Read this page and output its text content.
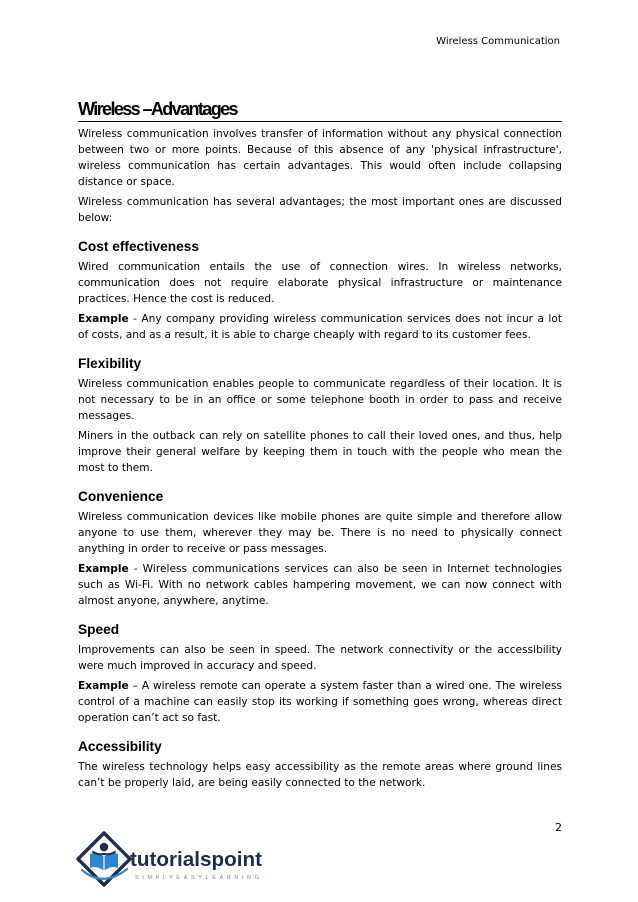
Wireless Communication
Wireless –Advantages

Wireless communication involves transfer of information without any physical connection between two or more points. Because of this absence of any 'physical infrastructure', wireless communication has certain advantages. This would often include collapsing distance or space.

Wireless communication has several advantages; the most important ones are discussed below:

Cost effectiveness

Wired communication entails the use of connection wires. In wireless networks, communication does not require elaborate physical infrastructure or maintenance practices. Hence the cost is reduced.

Example - Any company providing wireless communication services does not incur a lot of costs, and as a result, it is able to charge cheaply with regard to its customer fees.

Flexibility

Wireless communication enables people to communicate regardless of their location. It is not necessary to be in an office or some telephone booth in order to pass and receive messages.

Miners in the outback can rely on satellite phones to call their loved ones, and thus, help improve their general welfare by keeping them in touch with the people who mean the most to them.

Convenience

Wireless communication devices like mobile phones are quite simple and therefore allow anyone to use them, wherever they may be. There is no need to physically connect anything in order to receive or pass messages.

Example - Wireless communications services can also be seen in Internet technologies such as Wi-Fi. With no network cables hampering movement, we can now connect with almost anyone, anywhere, anytime.

Speed

Improvements can also be seen in speed. The network connectivity or the accessibility were much improved in accuracy and speed.

Example – A wireless remote can operate a system faster than a wired one. The wireless control of a machine can easily stop its working if something goes wrong, whereas direct operation can’t act so fast.

Accessibility

The wireless technology helps easy accessibility as the remote areas where ground lines can’t be properly laid, are being easily connected to the network.

2
tutorialspoint
SIMPLYEASYLEARNING
